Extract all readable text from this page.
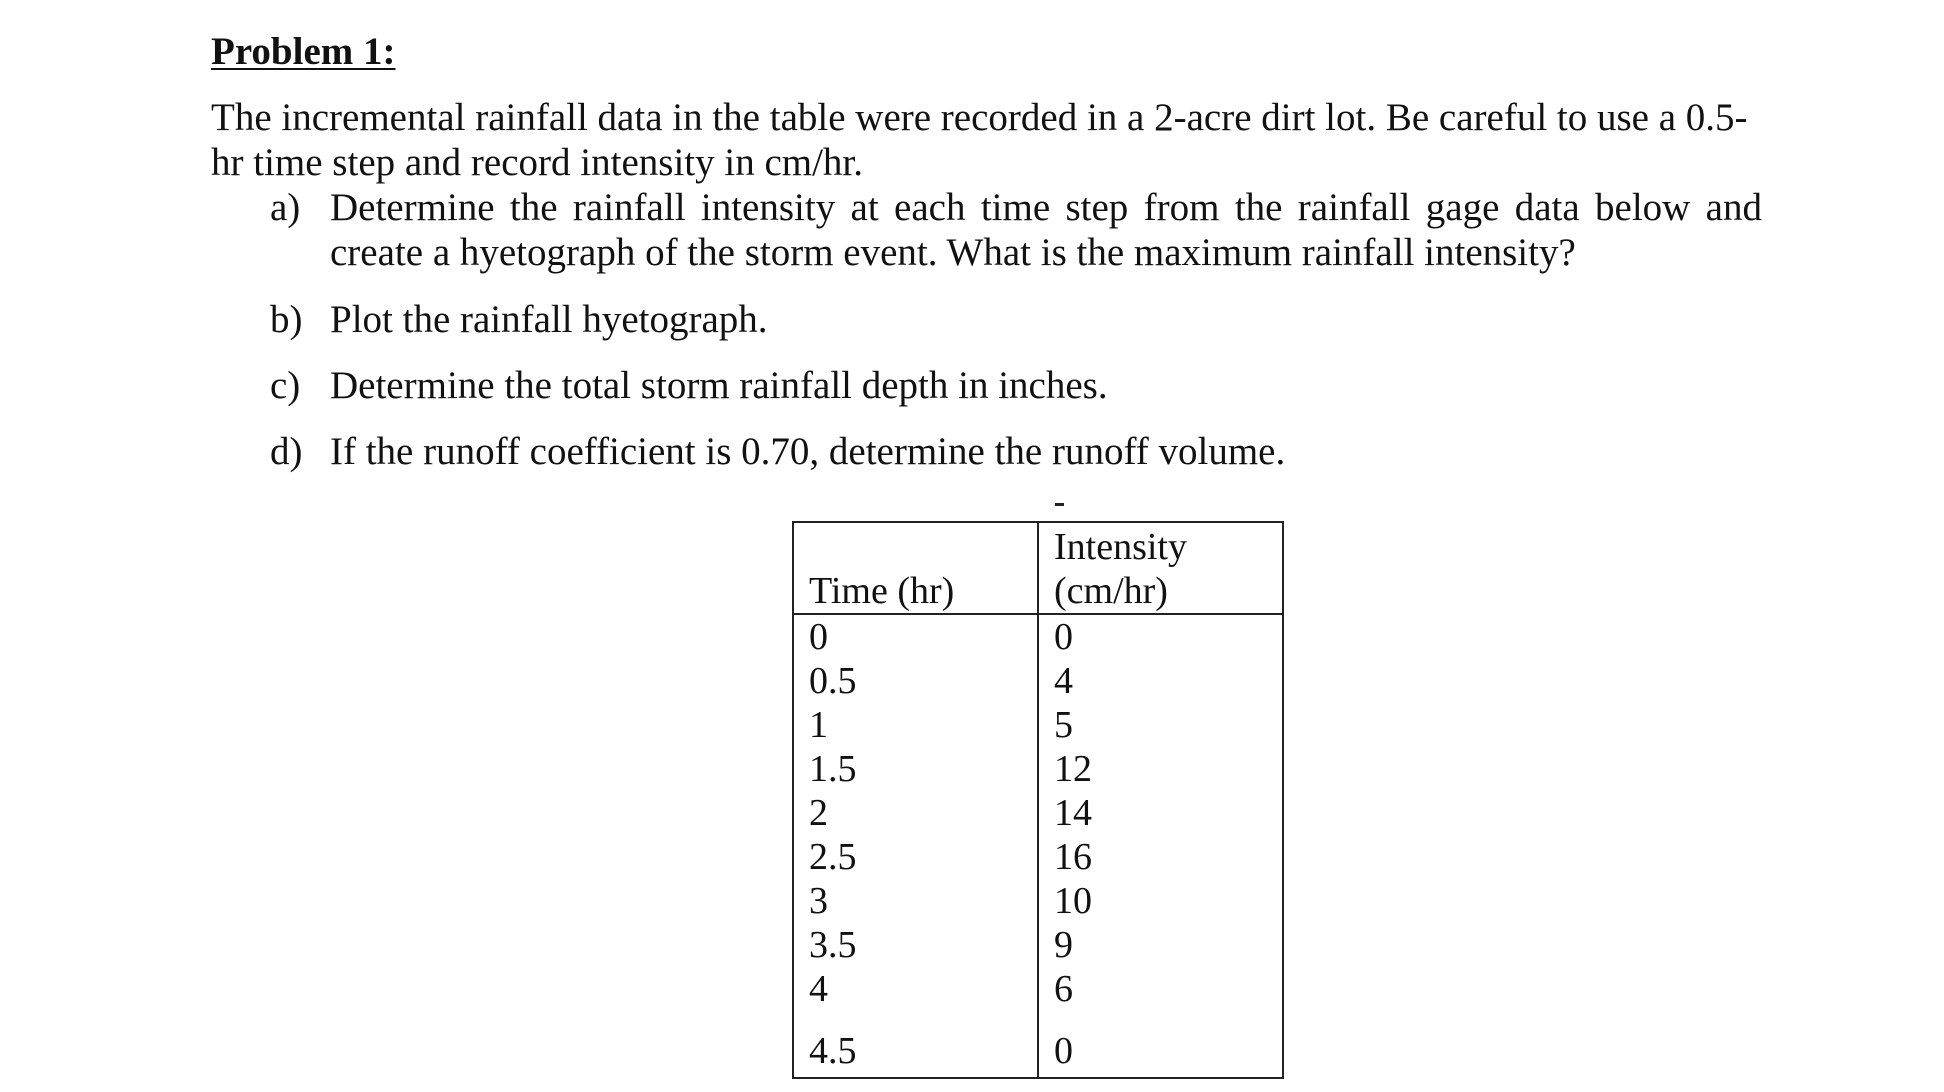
Problem 1:
The incremental rainfall data in the table were recorded in a 2-acre dirt lot. Be careful to use a 0.5-
hr time step and record intensity in cm/hr.
a) Determine the rainfall intensity at each time step from the rainfall gage data below and
create a hyetograph of the storm event. What is the maximum rainfall intensity?
b) Plot the rainfall hyetograph.
c) Determine the total storm rainfall depth in inches.
d) If the runoff coefficient is 0.70, determine the runoff volume.
Time (hr)	Intensity
(cm/hr)

0	0
0.5	4
1	5
1.5	12
2	14
2.5	16
3	10
3.5	9
4	6
4.5	0
